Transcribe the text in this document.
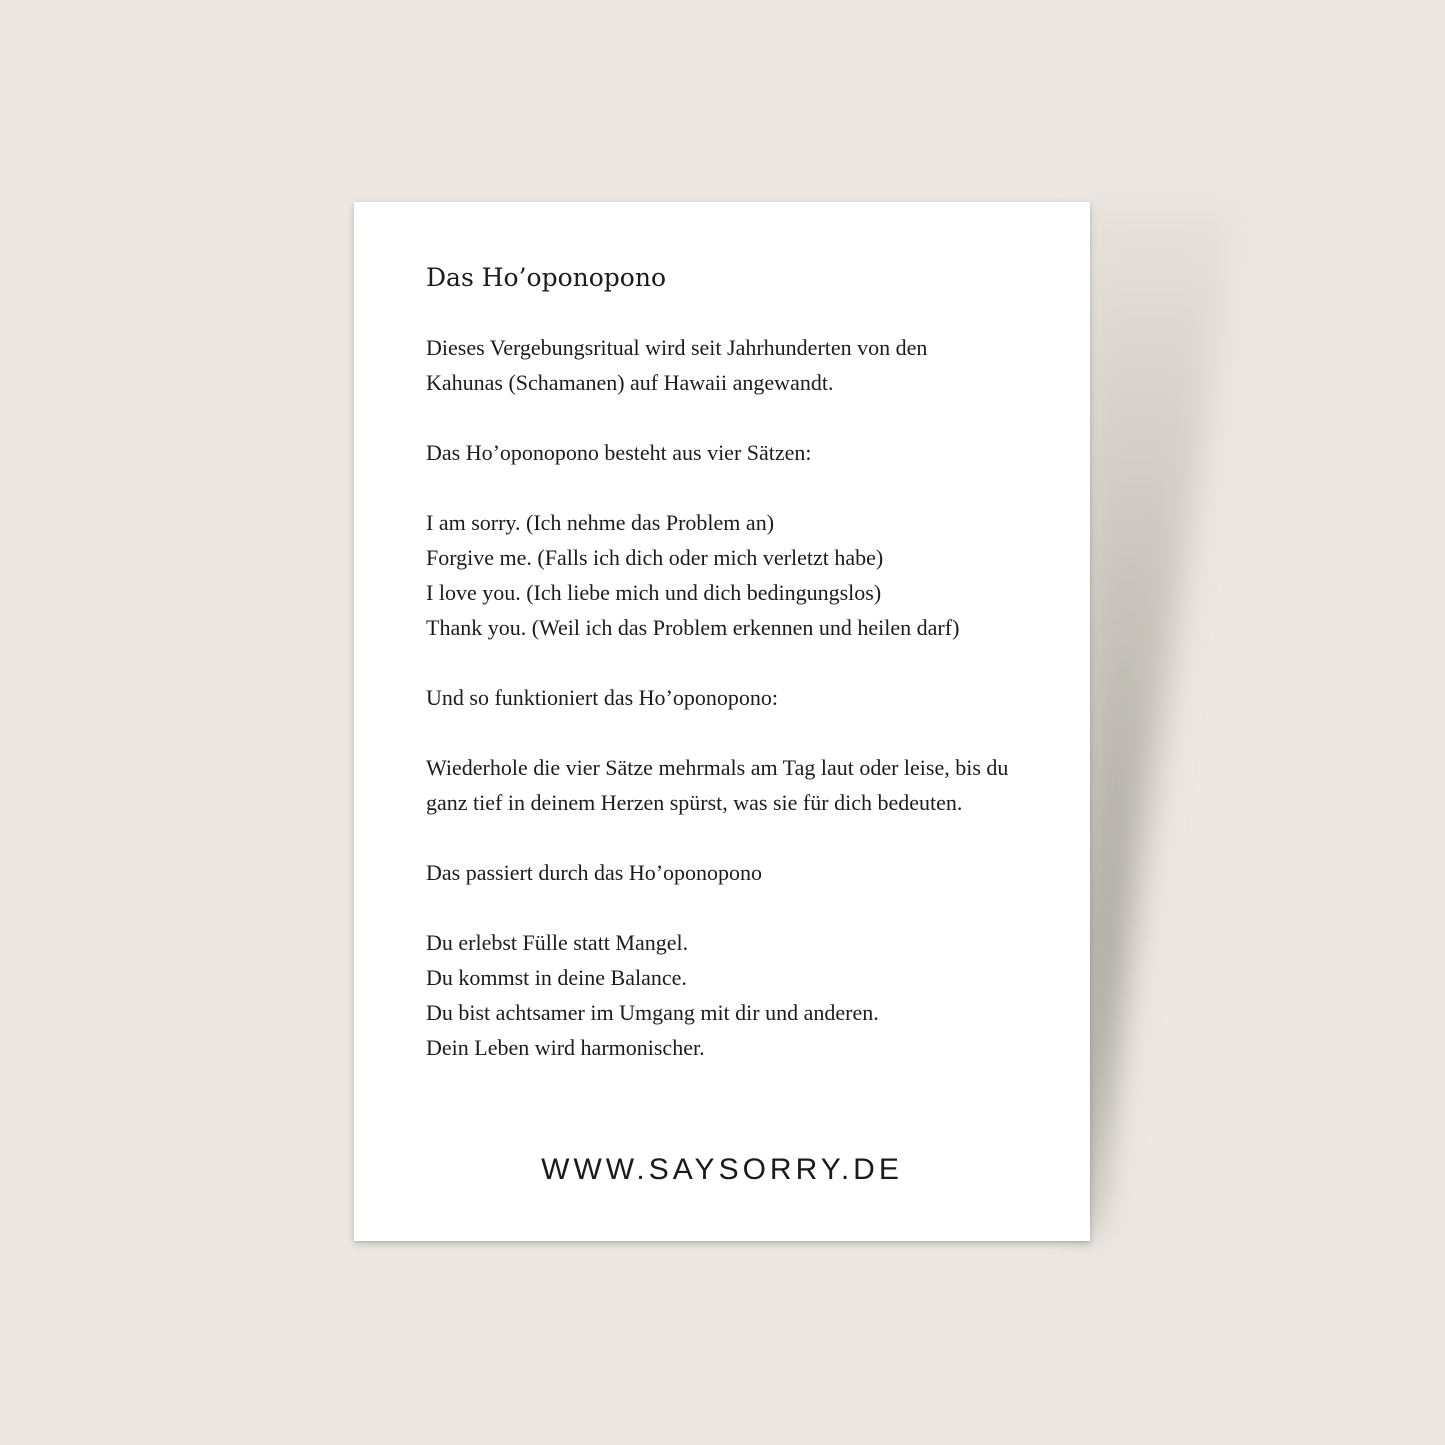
Das Ho’oponopono

Dieses Vergebungsritual wird seit Jahrhunderten von den
Kahunas (Schamanen) auf Hawaii angewandt.

Das Ho’oponopono besteht aus vier Sätzen:

I am sorry. (Ich nehme das Problem an)
Forgive me. (Falls ich dich oder mich verletzt habe)
I love you. (Ich liebe mich und dich bedingungslos)
Thank you. (Weil ich das Problem erkennen und heilen darf)

Und so funktioniert das Ho’oponopono:

Wiederhole die vier Sätze mehrmals am Tag laut oder leise, bis du
ganz tief in deinem Herzen spürst, was sie für dich bedeuten.

Das passiert durch das Ho’oponopono

Du erlebst Fülle statt Mangel.
Du kommst in deine Balance.
Du bist achtsamer im Umgang mit dir und anderen.
Dein Leben wird harmonischer.

WWW.SAYSORRY.DE
